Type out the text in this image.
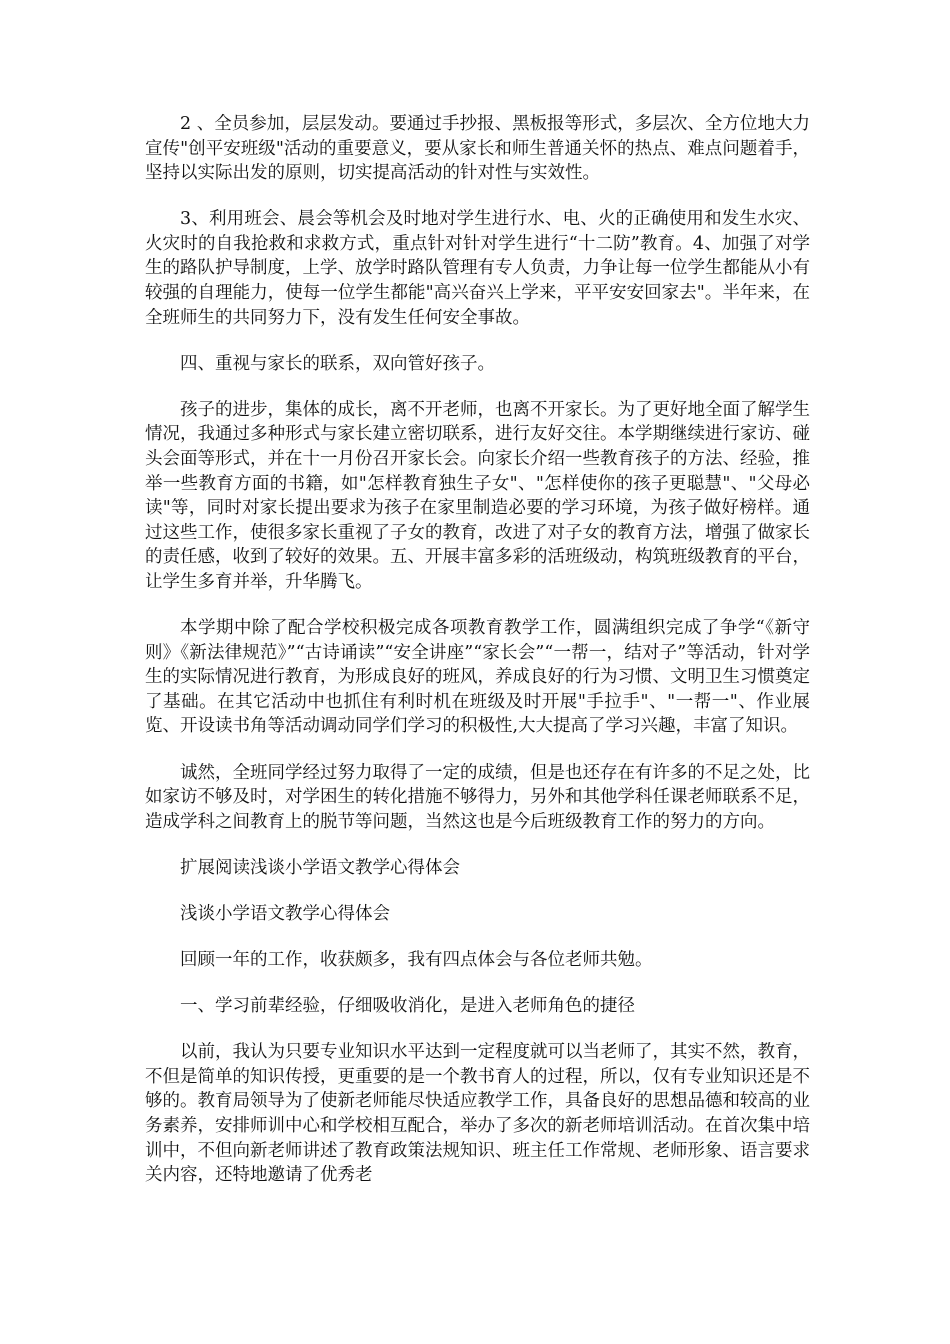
2 、全员参加，层层发动。要通过手抄报、黑板报等形式，多层次、全方位地大力宣传"创平安班级"活动的重要意义，要从家长和师生普通关怀的热点、难点问题着手，坚持以实际出发的原则，切实提高活动的针对性与实效性。

3、利用班会、晨会等机会及时地对学生进行水、电、火的正确使用和发生水灾、火灾时的自我抢救和求救方式，重点针对针对学生进行“十二防”教育。4、加强了对学生的路队护导制度，上学、放学时路队管理有专人负责，力争让每一位学生都能从小有较强的自理能力，使每一位学生都能"高兴奋兴上学来，平平安安回家去"。半年来，在全班师生的共同努力下，没有发生任何安全事故。

四、重视与家长的联系，双向管好孩子。

孩子的进步，集体的成长，离不开老师，也离不开家长。为了更好地全面了解学生情况，我通过多种形式与家长建立密切联系，进行友好交往。本学期继续进行家访、碰头会面等形式，并在十一月份召开家长会。向家长介绍一些教育孩子的方法、经验，推举一些教育方面的书籍，如"怎样教育独生子女"、"怎样使你的孩子更聪慧"、"父母必读"等，同时对家长提出要求为孩子在家里制造必要的学习环境，为孩子做好榜样。通过这些工作，使很多家长重视了子女的教育，改进了对子女的教育方法，增强了做家长的责任感，收到了较好的效果。五、开展丰富多彩的活班级动，构筑班级教育的平台，让学生多育并举，升华腾飞。

本学期中除了配合学校积极完成各项教育教学工作，圆满组织完成了争学“《新守则》《新法律规范》”“古诗诵读”“安全讲座”“家长会”“一帮一，结对子”等活动，针对学生的实际情况进行教育，为形成良好的班风，养成良好的行为习惯、文明卫生习惯奠定了基础。在其它活动中也抓住有利时机在班级及时开展"手拉手"、"一帮一"、作业展览、开设读书角等活动调动同学们学习的积极性,大大提高了学习兴趣，丰富了知识。

诚然，全班同学经过努力取得了一定的成绩，但是也还存在有许多的不足之处，比如家访不够及时，对学困生的转化措施不够得力，另外和其他学科任课老师联系不足，造成学科之间教育上的脱节等问题，当然这也是今后班级教育工作的努力的方向。

扩展阅读浅谈小学语文教学心得体会

浅谈小学语文教学心得体会

回顾一年的工作，收获颇多，我有四点体会与各位老师共勉。

一、学习前辈经验，仔细吸收消化，是进入老师角色的捷径

以前，我认为只要专业知识水平达到一定程度就可以当老师了，其实不然，教育，不但是简单的知识传授，更重要的是一个教书育人的过程，所以，仅有专业知识还是不够的。教育局领导为了使新老师能尽快适应教学工作，具备良好的思想品德和较高的业务素养，安排师训中心和学校相互配合，举办了多次的新老师培训活动。在首次集中培训中，不但向新老师讲述了教育政策法规知识、班主任工作常规、老师形象、语言要求关内容，还特地邀请了优秀老
